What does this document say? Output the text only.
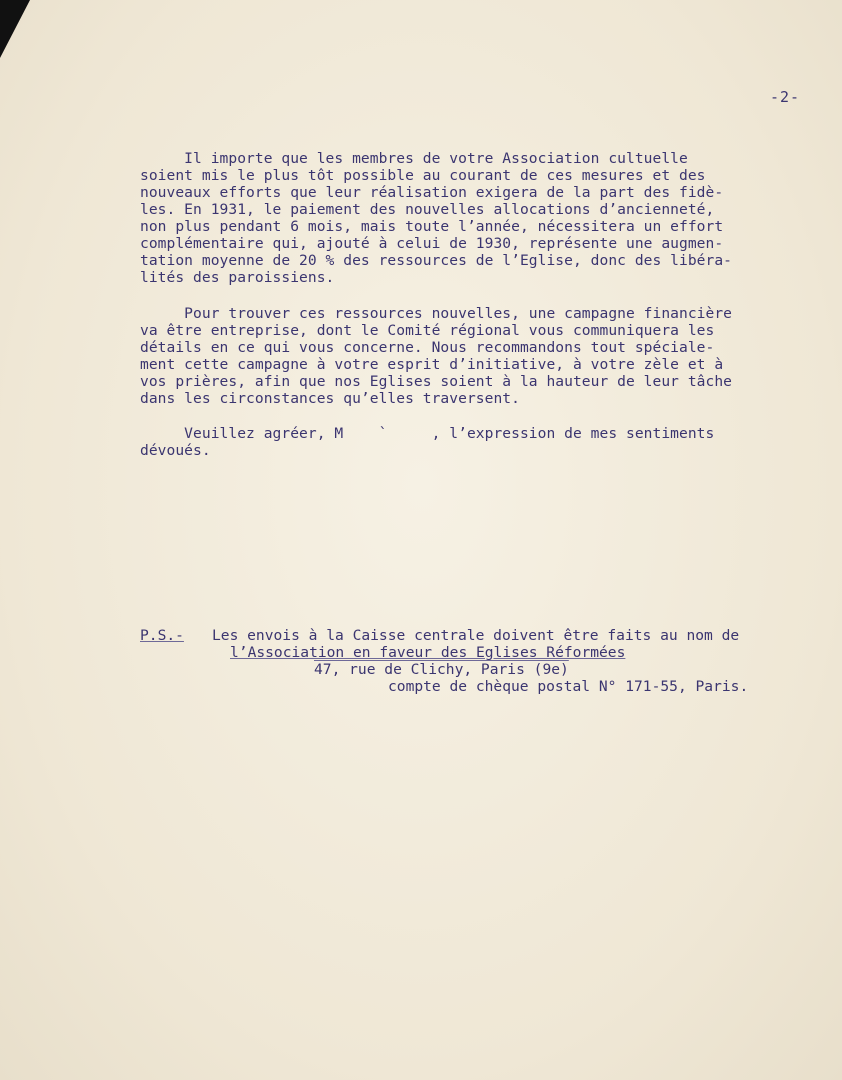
-2-
Il importe que les membres de votre Association cultuelle
soient mis le plus tôt possible au courant de ces mesures et des
nouveaux efforts que leur réalisation exigera de la part des fidè-
les. En 1931, le paiement des nouvelles allocations d’ancienneté,
non plus pendant 6 mois, mais toute l’année, nécessitera un effort
complémentaire qui, ajouté à celui de 1930, représente une augmen-
tation moyenne de 20 % des ressources de l’Eglise, donc des libéra-
lités des paroissiens.
Pour trouver ces ressources nouvelles, une campagne financière
va être entreprise, dont le Comité régional vous communiquera les
détails en ce qui vous concerne. Nous recommandons tout spéciale-
ment cette campagne à votre esprit d’initiative, à votre zèle et à
vos prières, afin que nos Eglises soient à la hauteur de leur tâche
dans les circonstances qu’elles traversent.
Veuillez agréer, M    `     , l’expression de mes sentiments
dévoués.
P.S.- Les envois à la Caisse centrale doivent être faits au nom de
l’Association en faveur des Eglises Réformées
47, rue de Clichy, Paris (9e)
compte de chèque postal N° 171-55, Paris.
